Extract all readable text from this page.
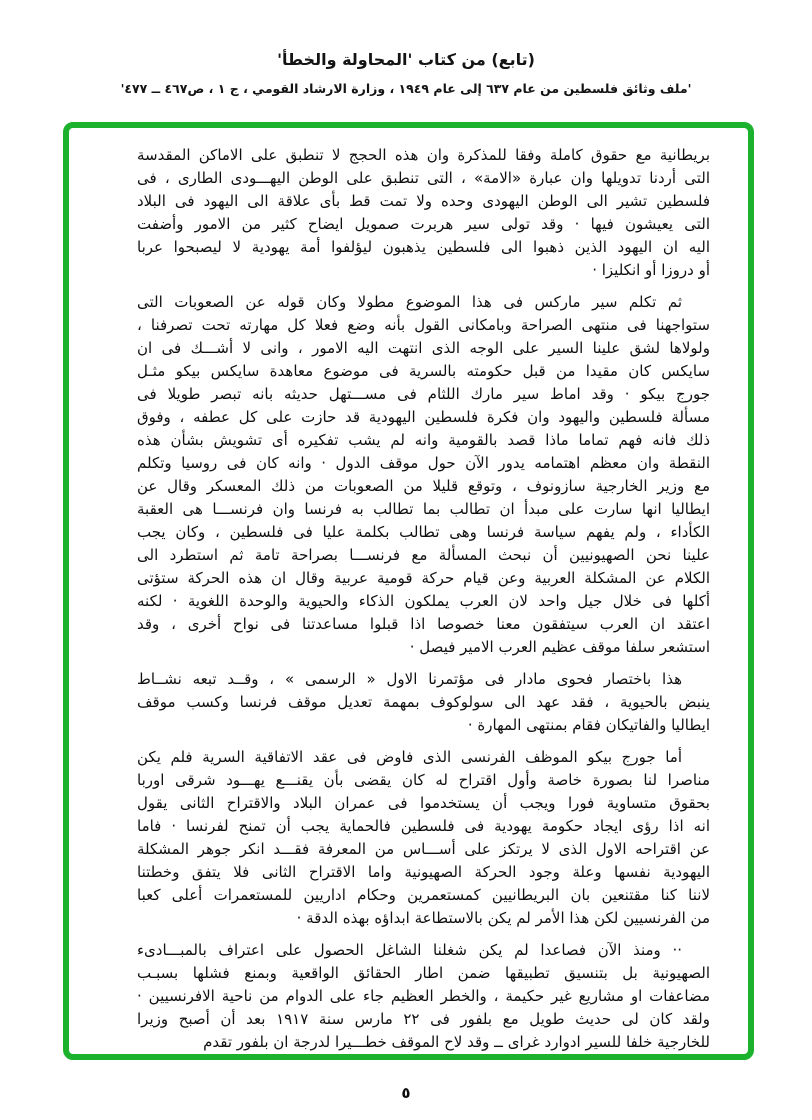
(تابع) من كتاب 'المحاولة والخطأ'
'ملف وثائق فلسطين من عام ٦٣٧ إلى عام ١٩٤٩ ، وزارة الارشاد القومي ، ج ١ ، ص٤٦٧ ــ ٤٧٧'
بريطانية مع حقوق كاملة وفقا للمذكرة وان هذه الحجج لا تنطبق على الاماكن المقدسة
التى أردنا تدويلها وان عبارة «الامة» ، التى تنطبق على الوطن اليهـــودى الطارى ، فى
فلسطين تشير الى الوطن اليهودى وحده ولا تمت قط بأى علاقة الى اليهود فى البلاد
التى يعيشون فيها · وقد تولى سير هربرت صمويل ايضاح كثير من الامور وأضفت
اليه ان اليهود الذين ذهبوا الى فلسطين يذهبون ليؤلفوا أمة يهودية لا ليصبحوا عربا
أو دروزا أو انكليزا ·
ثم تكلم سير ماركس فى هذا الموضوع مطولا وكان قوله عن الصعوبات التى
ستواجهنا فى منتهى الصراحة وبامكانى القول بأنه وضع فعلا كل مهارته تحت تصرفنا ،
ولولاها لشق علينا السير على الوجه الذى انتهت اليه الامور ، وانى لا أشـــك فى ان
سايكس كان مقيدا من قبل حكومته بالسرية فى موضوع معاهدة سايكس بيكو مثـل
جورج بيكو · وقد اماط سير مارك اللثام فى مســـتهل حديثه بانه تبصر طويلا فى
مسألة فلسطين واليهود وان فكرة فلسطين اليهودية قد حازت على كل عطفه ، وفوق
ذلك فانه فهم تماما ماذا قصد بالقومية وانه لم يشب تفكيره أى تشويش بشأن هذه
النقطة وان معظم اهتمامه يدور الآن حول موقف الدول · وانه كان فى روسيا وتكلم
مع وزير الخارجية سازونوف ، وتوقع قليلا من الصعوبات من ذلك المعسكر وقال عن
ايطاليا انها سارت على مبدأ ان تطالب بما تطالب به فرنسا وان فرنســـا هى العقبة
الكأداء ، ولم يفهم سياسة فرنسا وهى تطالب بكلمة عليا فى فلسطين ، وكان يجب
علينا نحن الصهيونيين أن نبحث المسألة مع فرنســـا بصراحة تامة ثم استطرد الى
الكلام عن المشكلة العربية وعن قيام حركة قومية عربية وقال ان هذه الحركة ستؤتى
أكلها فى خلال جيل واحد لان العرب يملكون الذكاء والحيوية والوحدة اللغوية · لكنه
اعتقد ان العرب سيتفقون معنا خصوصا اذا قبلوا مساعدتنا فى نواح أخرى ، وقد
استشعر سلفا موقف عظيم العرب الامير فيصل ·
هذا باختصار فحوى مادار فى مؤتمرنا الاول « الرسمى » ، وقــد تبعه نشــاط
ينبض بالحيوية ، فقد عهد الى سولوكوف بمهمة تعديل موقف فرنسا وكسب موقف
ايطاليا والفاتيكان فقام بمنتهى المهارة ·
أما جورج بيكو الموظف الفرنسى الذى فاوض فى عقد الاتفاقية السرية فلم يكن
مناصرا لنا بصورة خاصة وأول اقتراح له كان يقضى بأن يقنـــع يهـــود شرقى اوربا
بحقوق متساوية فورا ويجب أن يستخدموا فى عمران البلاد والاقتراح الثانى يقول
انه اذا رؤى ايجاد حكومة يهودية فى فلسطين فالحماية يجب أن تمنح لفرنسا · فاما
عن اقتراحه الاول الذى لا يرتكز على أســـاس من المعرفة فقـــد انكر جوهر المشكلة
اليهودية نفسها وعلة وجود الحركة الصهيونية واما الاقتراح الثانى فلا يتفق وخطتنا
لاننا كنا مقتنعين بان البريطانيين كمستعمرين وحكام اداريين للمستعمرات أعلى كعبا
من الفرنسيين لكن هذا الأمر لم يكن بالاستطاعة ابداؤه بهذه الدقة ·
·· ومنذ الآن فصاعدا لم يكن شغلنا الشاغل الحصول على اعتراف بالمبـــادىء
الصهيونية بل بتنسيق تطبيقها ضمن اطار الحقائق الواقعية وبمنع فشلها بسبـب
مضاعفات او مشاريع غير حكيمة ، والخطر العظيم جاء على الدوام من ناحية الافرنسيين ·
ولقد كان لى حديث طويل مع بلفور فى ٢٢ مارس سنة ١٩١٧ بعد أن أصبح وزيرا
للخارجية خلفا للسير ادوارد غراى ــ وقد لاح الموقف خطـــيرا لدرجة ان بلفور تقدم
٥
